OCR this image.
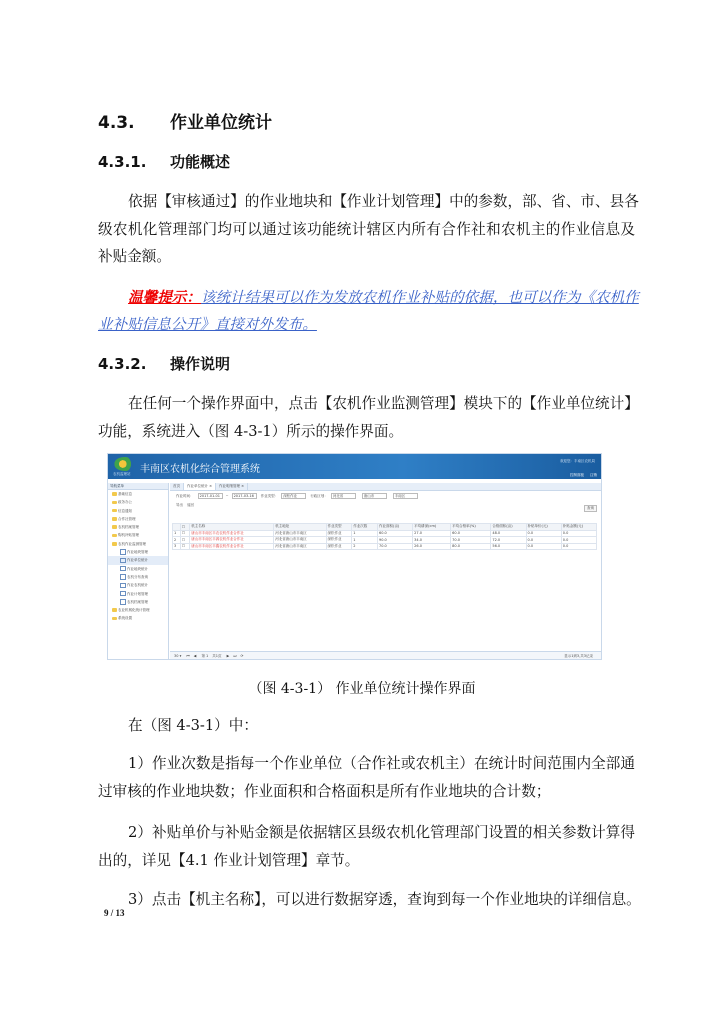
4.3. 作业单位统计
4.3.1. 功能概述
依据【审核通过】的作业地块和【作业计划管理】中的参数，部、省、市、县各
级农机化管理部门均可以通过该功能统计辖区内所有合作社和农机主的作业信息及
补贴金额。
温馨提示：该统计结果可以作为发放农机作业补贴的依据，也可以作为《农机作
业补贴信息公开》直接对外发布。
4.3.2. 操作说明
在任何一个操作界面中，点击【农机作业监测管理】模块下的【作业单位统计】
功能，系统进入（图 4-3-1）所示的操作界面。
农机监理站 丰南区农机化综合管理系统
欢迎您：丰南区农机局
控制面板 注销
导航菜单
基础信息
政务办公
信息通知
合作社管理
农机档案管理
购机补贴管理
农机作业监测管理
作业地块管理
作业单位统计
作业地块统计
农机分布查询
作业农机统计
作业计划管理
农机档案管理
农业机械化统计管理
系统设置
首页 作业单位统计 × 作业明细管理 ×
作业时间： 2017-01-01 ~ 2017-03-16 作业类型： 深松作业	行政区划： 河北省	唐山市	丰南区
查询
导出 返回
	☐	机主名称	机主地址	作业类型	作业次数	作业面积(亩)	平均耕深(cm)	平均合格率(%)	合格面积(亩)	补贴单价(元)	补贴金额(元)
1	☐	唐山市丰南区丰农农机作业合作社	河北省唐山市丰南区	深松作业	1	60.0	27.0	60.0	48.0	0.0	0.0
2	☐	唐山市丰南区丰源农机作业合作社	河北省唐山市丰南区	深松作业	1	90.0	34.0	70.0	72.0	0.0	0.0
3	☐	唐山市丰南区丰鑫农机作业合作社	河北省唐山市丰南区	深松作业	2	70.0	26.0	80.0	56.0	0.0	0.0
30 ▾ ⏮ ◀ 第 1 共1页 ▶ ⏭ ⟳	显示1到3,共3记录
（图 4-3-1） 作业单位统计操作界面
在（图 4-3-1）中：
1）作业次数是指每一个作业单位（合作社或农机主）在统计时间范围内全部通
过审核的作业地块数；作业面积和合格面积是所有作业地块的合计数；
2）补贴单价与补贴金额是依据辖区县级农机化管理部门设置的相关参数计算得
出的，详见【4.1 作业计划管理】章节。
3）点击【机主名称】，可以进行数据穿透，查询到每一个作业地块的详细信息。
9 / 13
